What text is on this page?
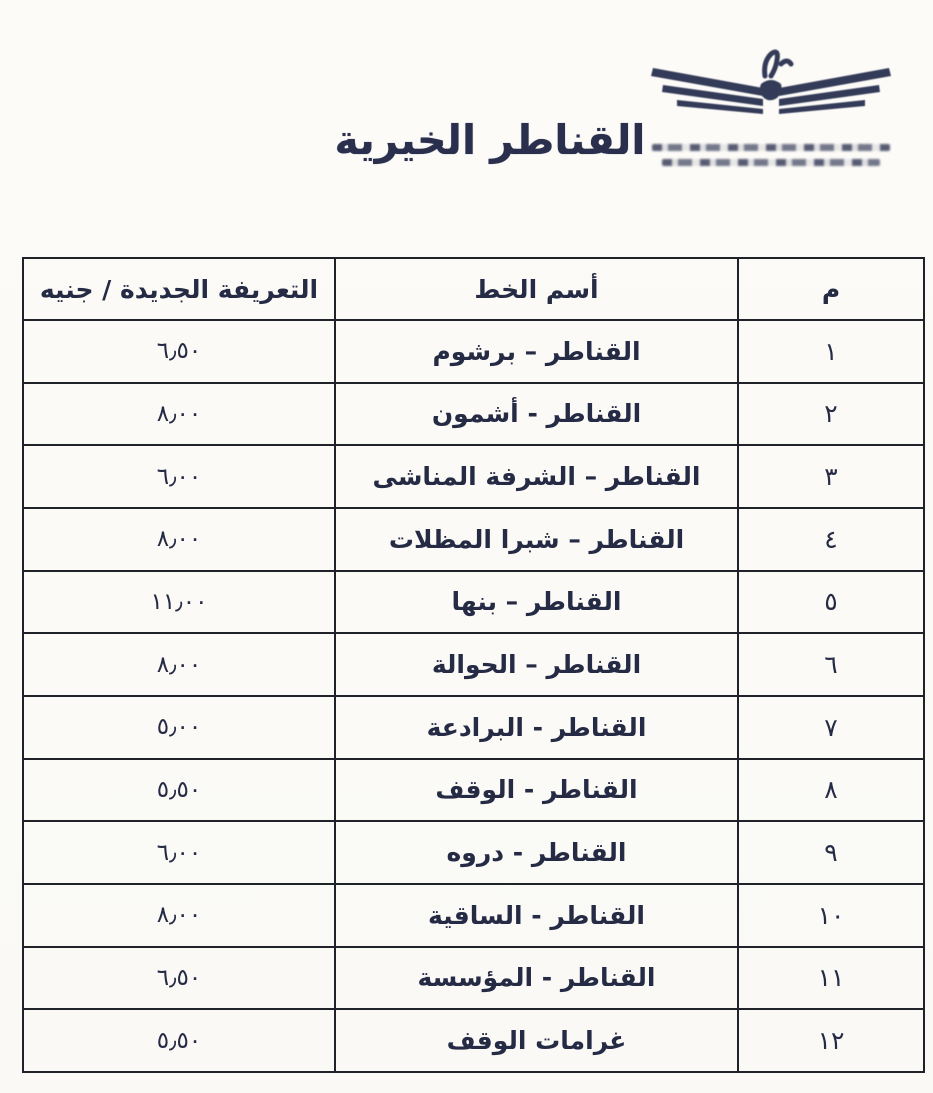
القناطر الخيرية
م	أسم الخط	التعريفة الجديدة / جنيه
١	القناطر – برشوم	٦٫٥٠
٢	القناطر - أشمون	٨٫٠٠
٣	القناطر – الشرفة المناشى	٦٫٠٠
٤	القناطر – شبرا المظلات	٨٫٠٠
٥	القناطر – بنها	١١٫٠٠
٦	القناطر – الحوالة	٨٫٠٠
٧	القناطر - البرادعة	٥٫٠٠
٨	القناطر - الوقف	٥٫٥٠
٩	القناطر - دروه	٦٫٠٠
١٠	القناطر - الساقية	٨٫٠٠
١١	القناطر - المؤسسة	٦٫٥٠
١٢	غرامات الوقف	٥٫٥٠
